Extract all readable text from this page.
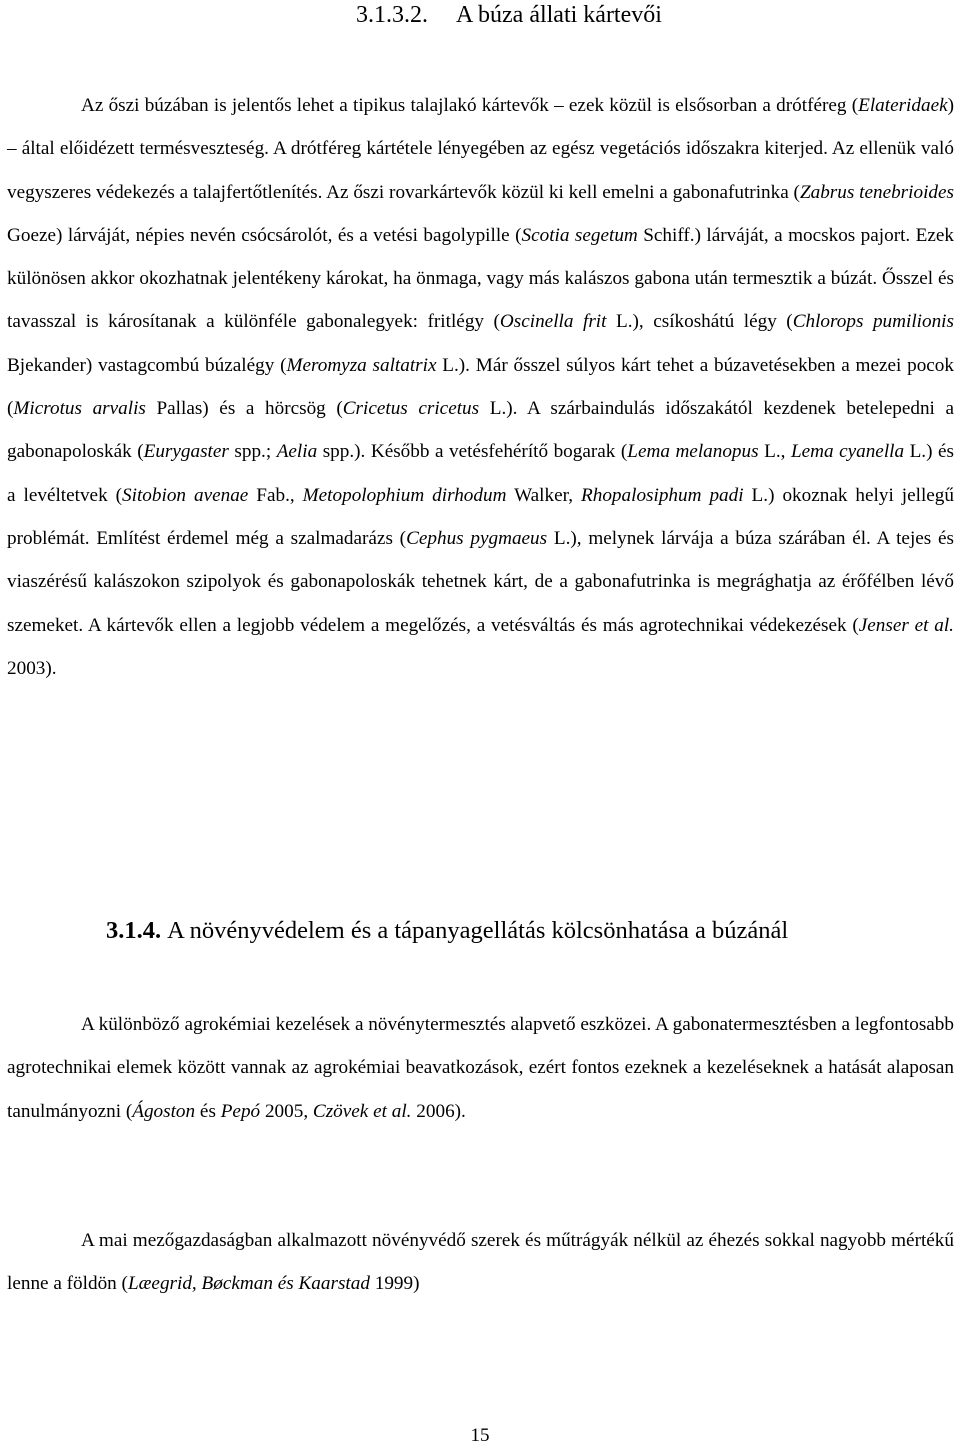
3.1.3.2. A búza állati kártevői

Az őszi búzában is jelentős lehet a tipikus talajlakó kártevők – ezek közül is elsősorban a drótféreg (Elateridaek) – által előidézett termésveszteség. A drótféreg kártétele lényegében az egész vegetációs időszakra kiterjed. Az ellenük való vegyszeres védekezés a talajfertőtlenítés. Az őszi rovarkártevők közül ki kell emelni a gabonafutrinka (Zabrus tenebrioides Goeze) lárváját, népies nevén csócsárolót, és a vetési bagolypille (Scotia segetum Schiff.) lárváját, a mocskos pajort. Ezek különösen akkor okozhatnak jelentékeny károkat, ha önmaga, vagy más kalászos gabona után termesztik a búzát. Ősszel és tavasszal is károsítanak a különféle gabonalegyek: fritlégy (Oscinella frit L.), csíkoshátú légy (Chlorops pumilionis Bjekander) vastagcombú búzalégy (Meromyza saltatrix L.). Már ősszel súlyos kárt tehet a búzavetésekben a mezei pocok (Microtus arvalis Pallas) és a hörcsög (Cricetus cricetus L.). A szárbaindulás időszakától kezdenek betelepedni a gabonapoloskák (Eurygaster spp.; Aelia spp.). Később a vetésfehérítő bogarak (Lema melanopus L., Lema cyanella L.) és a levéltetvek (Sitobion avenae Fab., Metopolophium dirhodum Walker, Rhopalosiphum padi L.) okoznak helyi jellegű problémát. Említést érdemel még a szalmadarázs (Cephus pygmaeus L.), melynek lárvája a búza szárában él. A tejes és viaszérésű kalászokon szipolyok és gabonapoloskák tehetnek kárt, de a gabonafutrinka is megrághatja az érőfélben lévő szemeket. A kártevők ellen a legjobb védelem a megelőzés, a vetésváltás és más agrotechnikai védekezések (Jenser et al. 2003).

3.1.4. A növényvédelem és a tápanyagellátás kölcsönhatása a búzánál

A különböző agrokémiai kezelések a növénytermesztés alapvető eszközei. A gabonatermesztésben a legfontosabb agrotechnikai elemek között vannak az agrokémiai beavatkozások, ezért fontos ezeknek a kezeléseknek a hatását alaposan tanulmányozni (Ágoston és Pepó 2005, Czövek et al. 2006).

A mai mezőgazdaságban alkalmazott növényvédő szerek és műtrágyák nélkül az éhezés sokkal nagyobb mértékű lenne a földön (Læegrid, Bøckman és Kaarstad 1999)

15
